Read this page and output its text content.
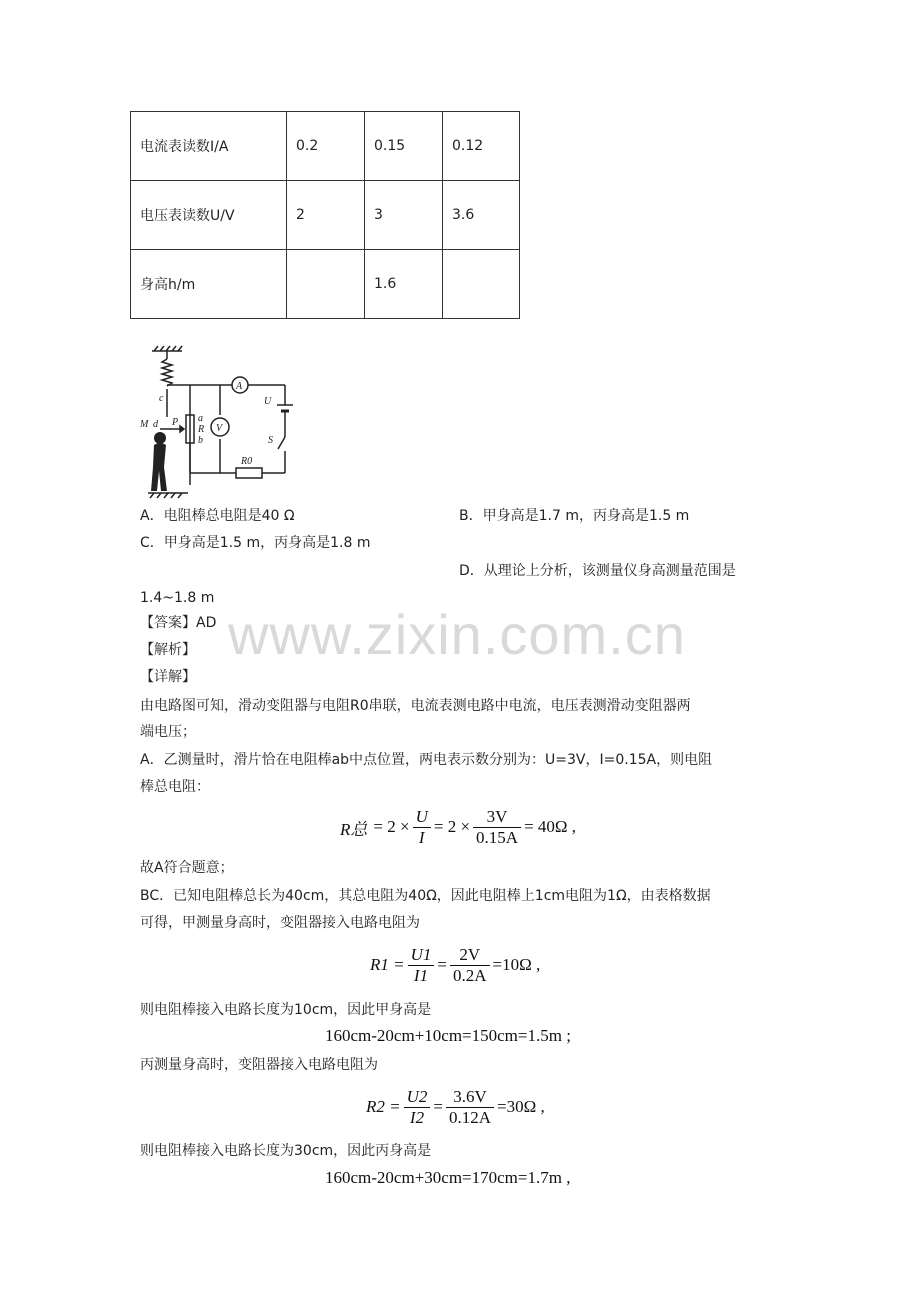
电流表读数I/A	0.2	0.15	0.12
电压表读数U/V	2	3	3.6
身高h/m		1.6	
A
V
U
S
R0
M d
c
P a
R
b
A．电阻棒总电阻是40 Ω	B．甲身高是1.7 m，丙身高是1.5 m
C．甲身高是1.5 m，丙身高是1.8 m
D．从理论上分析，该测量仪身高测量范围是
1.4~1.8 m
www.zixin.com.cn
【答案】AD
【解析】
【详解】
由电路图可知，滑动变阻器与电阻R0串联，电流表测电路中电流，电压表测滑动变阻器两
端电压；
A．乙测量时，滑片恰在电阻棒ab中点位置，两电表示数分别为：U=3V，I=0.15A，则电阻
棒总电阻：
R总 = $2 \times \frac{U}{I} = 2 \times \frac{3V}{0.15A} = 40\Omega$ ,
故A符合题意；
BC．已知电阻棒总长为40cm，其总电阻为40Ω，因此电阻棒上1cm电阻为1Ω，由表格数据
可得，甲测量身高时，变阻器接入电路电阻为
$R1 = \frac{U1}{I1} = \frac{2V}{0.2A} =10\Omega$ ,
则电阻棒接入电路长度为10cm，因此甲身高是
160cm-20cm+10cm=150cm=1.5m ;
丙测量身高时，变阻器接入电路电阻为
$R2 = \frac{U2}{I2} = \frac{3.6V}{0.12A} =30\Omega$ ,
则电阻棒接入电路长度为30cm，因此丙身高是
160cm-20cm+30cm=170cm=1.7m ,
